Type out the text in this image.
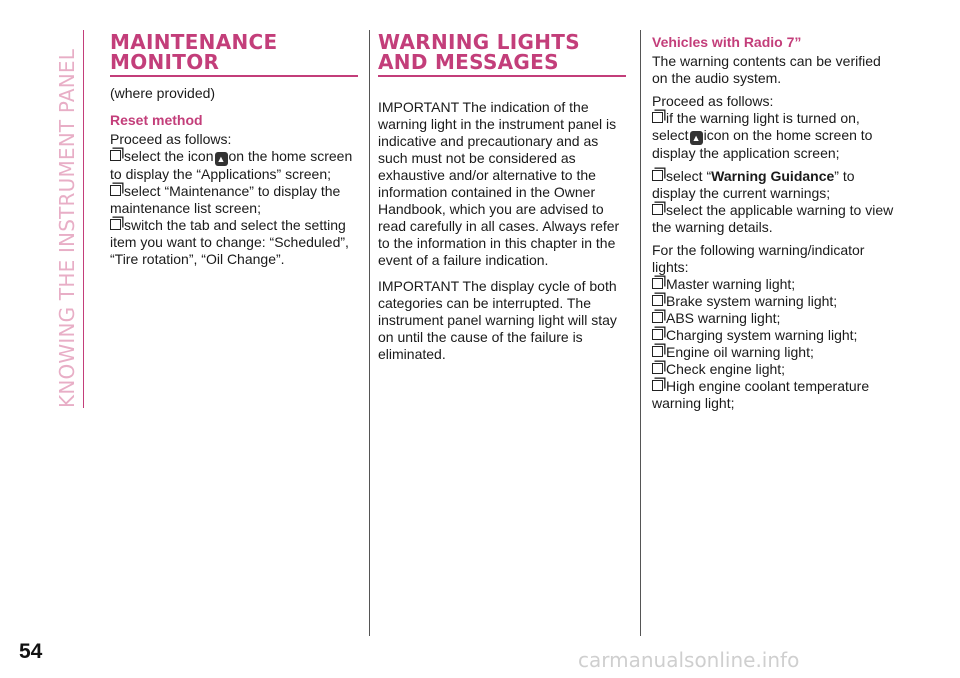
KNOWING THE INSTRUMENT PANEL
54
MAINTENANCE
MONITOR

(where provided)

Reset method

Proceed as follows:

select the icon ▲ on the home screen to display the “Applications” screen;

select “Maintenance” to display the maintenance list screen;

switch the tab and select the setting item you want to change: “Scheduled”, “Tire rotation”, “Oil Change”.

WARNING LIGHTS
AND MESSAGES

IMPORTANT The indication of the warning light in the instrument panel is indicative and precautionary and as such must not be considered as exhaustive and/or alternative to the information contained in the Owner Handbook, which you are advised to read carefully in all cases. Always refer to the information in this chapter in the event of a failure indication.

IMPORTANT The display cycle of both categories can be interrupted. The instrument panel warning light will stay on until the cause of the failure is eliminated.

Vehicles with Radio 7”

The warning contents can be verified on the audio system.

Proceed as follows:

if the warning light is turned on, select ▲ icon on the home screen to display the application screen;

select “Warning Guidance” to display the current warnings;

select the applicable warning to view the warning details.

For the following warning/indicator lights:

Master warning light;

Brake system warning light;

ABS warning light;

Charging system warning light;

Engine oil warning light;

Check engine light;

High engine coolant temperature warning light;

carmanualsonline.info
